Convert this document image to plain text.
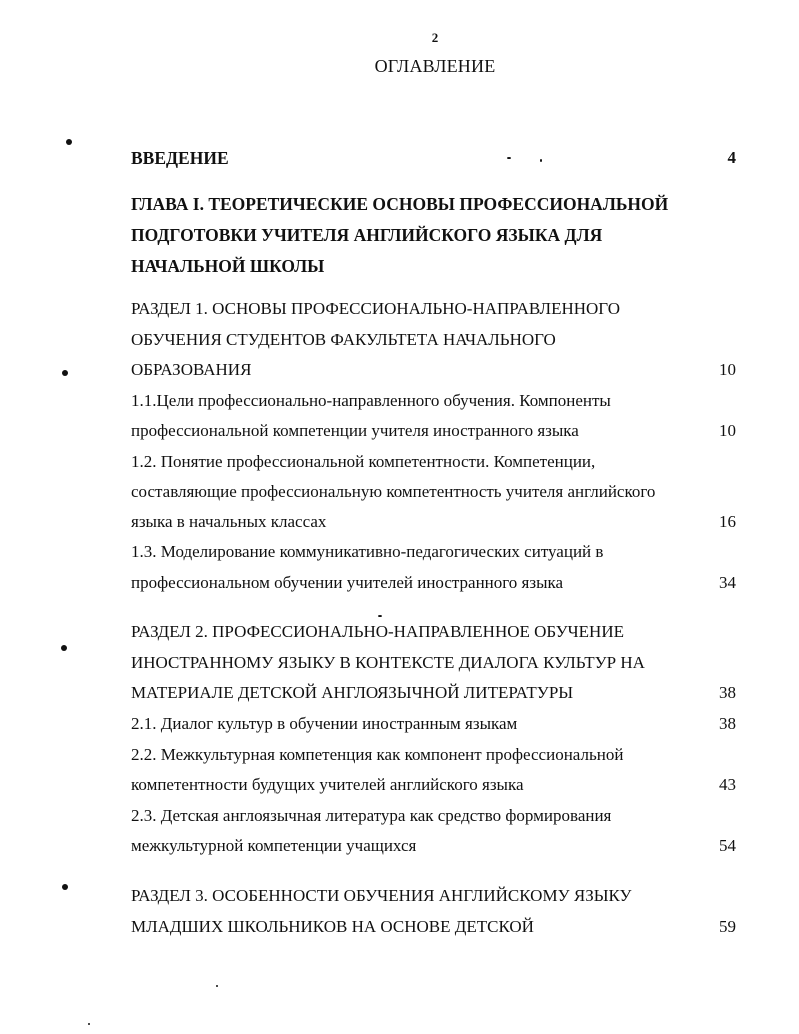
2
ОГЛАВЛЕНИЕ
ВВЕДЕНИЕ	4
ГЛАВА I. ТЕОРЕТИЧЕСКИЕ ОСНОВЫ ПРОФЕССИОНАЛЬНОЙ
ПОДГОТОВКИ УЧИТЕЛЯ АНГЛИЙСКОГО ЯЗЫКА ДЛЯ
НАЧАЛЬНОЙ ШКОЛЫ
РАЗДЕЛ 1. ОСНОВЫ ПРОФЕССИОНАЛЬНО-НАПРАВЛЕННОГО
ОБУЧЕНИЯ СТУДЕНТОВ ФАКУЛЬТЕТА НАЧАЛЬНОГО
ОБРАЗОВАНИЯ	10
1.1.Цели профессионально-направленного обучения. Компоненты
профессиональной компетенции учителя иностранного языка	10
1.2. Понятие профессиональной компетентности. Компетенции,
составляющие профессиональную компетентность учителя английского
языка в начальных классах	16
1.3. Моделирование коммуникативно-педагогических ситуаций в
профессиональном обучении учителей иностранного языка	34
РАЗДЕЛ 2. ПРОФЕССИОНАЛЬНО-НАПРАВЛЕННОЕ ОБУЧЕНИЕ
ИНОСТРАННОМУ ЯЗЫКУ В КОНТЕКСТЕ ДИАЛОГА КУЛЬТУР НА
МАТЕРИАЛЕ ДЕТСКОЙ АНГЛОЯЗЫЧНОЙ ЛИТЕРАТУРЫ	38
2.1. Диалог культур в обучении иностранным языкам	38
2.2. Межкультурная компетенция как компонент профессиональной
компетентности будущих учителей английского языка	43
2.3. Детская англоязычная литература как средство формирования
межкультурной компетенции учащихся	54
РАЗДЕЛ 3. ОСОБЕННОСТИ ОБУЧЕНИЯ АНГЛИЙСКОМУ ЯЗЫКУ
МЛАДШИХ ШКОЛЬНИКОВ НА ОСНОВЕ ДЕТСКОЙ	59
